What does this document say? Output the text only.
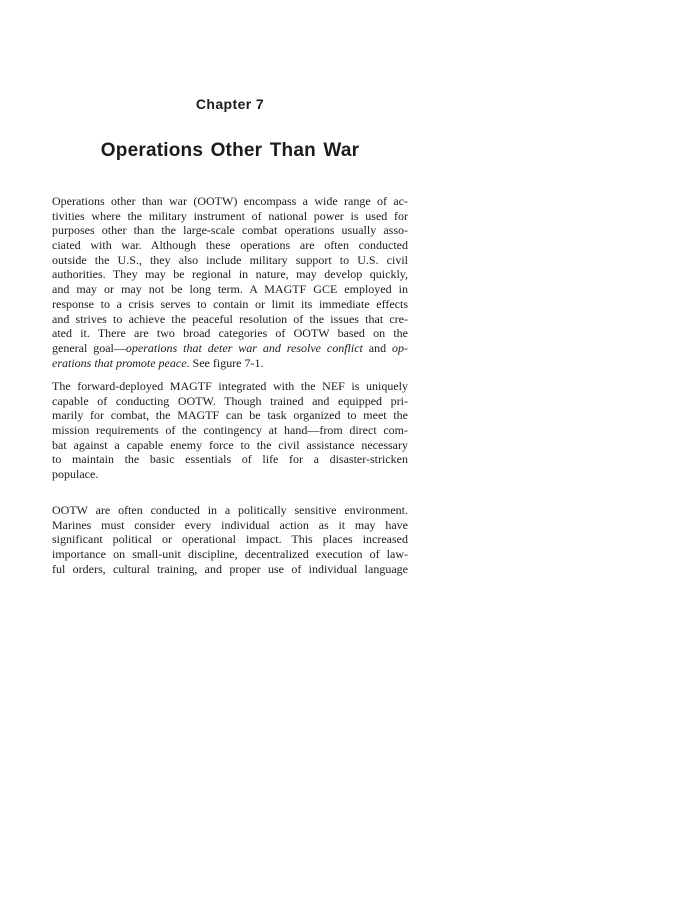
Chapter 7
Operations Other Than War
Operations other than war (OOTW) encompass a wide range of ac-
tivities where the military instrument of national power is used for
purposes other than the large-scale combat operations usually asso-
ciated with war. Although these operations are often conducted
outside the U.S., they also include military support to U.S. civil
authorities. They may be regional in nature, may develop quickly,
and may or may not be long term. A MAGTF GCE employed in
response to a crisis serves to contain or limit its immediate effects
and strives to achieve the peaceful resolution of the issues that cre-
ated it. There are two broad categories of OOTW based on the
general goal—operations that deter war and resolve conflict and op-
erations that promote peace. See figure 7-1.
The forward-deployed MAGTF integrated with the NEF is uniquely
capable of conducting OOTW. Though trained and equipped pri-
marily for combat, the MAGTF can be task organized to meet the
mission requirements of the contingency at hand—from direct com-
bat against a capable enemy force to the civil assistance necessary
to maintain the basic essentials of life for a disaster-stricken
populace.
OOTW are often conducted in a politically sensitive environment.
Marines must consider every individual action as it may have
significant political or operational impact. This places increased
importance on small-unit discipline, decentralized execution of law-
ful orders, cultural training, and proper use of individual language
